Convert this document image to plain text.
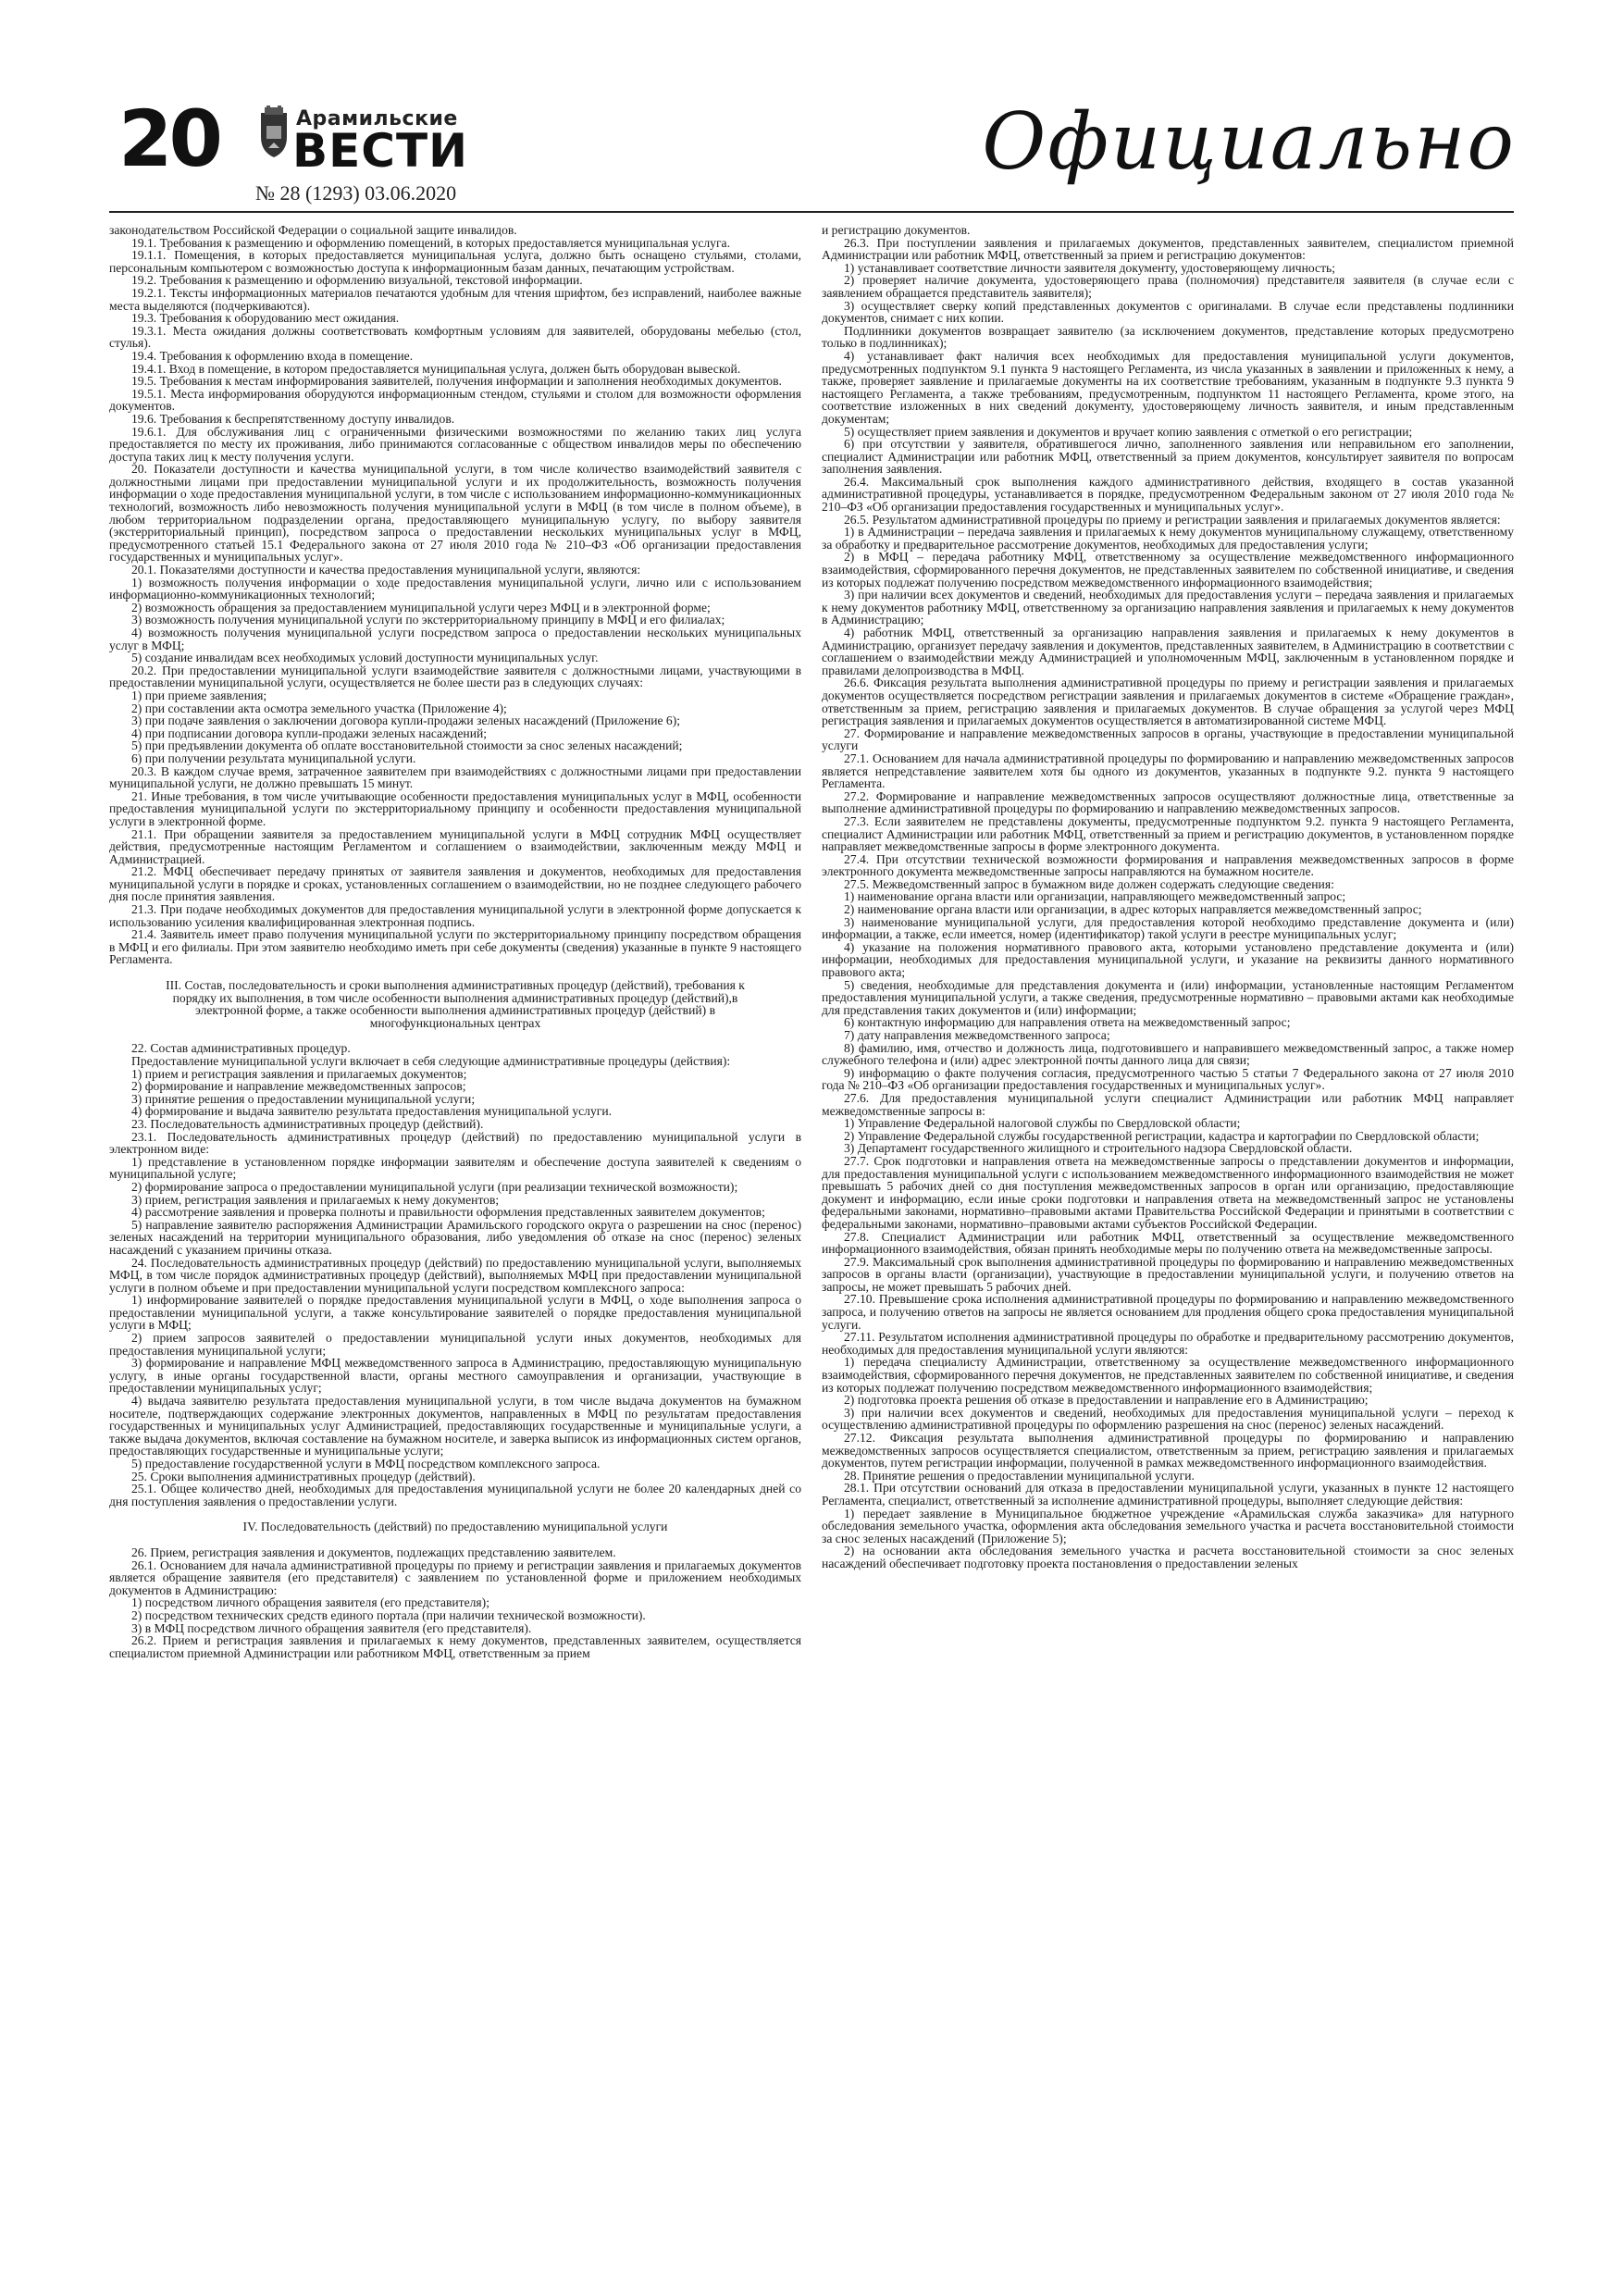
20	Арамильские
ВЕСТИ
№ 28 (1293) 03.06.2020
Официально

законодательством Российской Федерации о социальной защите инвалидов.

19.1. Требования к размещению и оформлению помещений, в которых предоставляется муниципальная услуга.

19.1.1. Помещения, в которых предоставляется муниципальная услуга, должно быть оснащено стульями, столами, персональным компьютером с возможностью доступа к информационным базам данных, печатающим устройствам.

19.2. Требования к размещению и оформлению визуальной, текстовой информации.

19.2.1. Тексты информационных материалов печатаются удобным для чтения шрифтом, без исправлений, наиболее важные места выделяются (подчеркиваются).

19.3. Требования к оборудованию мест ожидания.

19.3.1. Места ожидания должны соответствовать комфортным условиям для заявителей, оборудованы мебелью (стол, стулья).

19.4. Требования к оформлению входа в помещение.

19.4.1. Вход в помещение, в котором предоставляется муниципальная услуга, должен быть оборудован вывеской.

19.5. Требования к местам информирования заявителей, получения информации и заполнения необходимых документов.

19.5.1. Места информирования оборудуются информационным стендом, стульями и столом для возможности оформления документов.

19.6. Требования к беспрепятственному доступу инвалидов.

19.6.1. Для обслуживания лиц с ограниченными физическими возможностями по желанию таких лиц услуга предоставляется по месту их проживания, либо принимаются согласованные с обществом инвалидов меры по обеспечению доступа таких лиц к месту получения услуги.

20. Показатели доступности и качества муниципальной услуги, в том числе количество взаимодействий заявителя с должностными лицами при предоставлении муниципальной услуги и их продолжительность, возможность получения информации о ходе предоставления муниципальной услуги, в том числе с использованием информационно-коммуникационных технологий, возможность либо невозможность получения муниципальной услуги в МФЦ (в том числе в полном объеме), в любом территориальном подразделении органа, предоставляющего муниципальную услугу, по выбору заявителя (экстерриториальный принцип), посредством запроса о предоставлении нескольких муниципальных услуг в МФЦ, предусмотренного статьей 15.1 Федерального закона от 27 июля 2010 года № 210–ФЗ «Об организации предоставления государственных и муниципальных услуг».

20.1. Показателями доступности и качества предоставления муниципальной услуги, являются:

1) возможность получения информации о ходе предоставления муниципальной услуги, лично или с использованием информационно-коммуникационных технологий;

2) возможность обращения за предоставлением муниципальной услуги через МФЦ и в электронной форме;

3) возможность получения муниципальной услуги по экстерриториальному принципу в МФЦ и его филиалах;

4) возможность получения муниципальной услуги посредством запроса о предоставлении нескольких муниципальных услуг в МФЦ;

5) создание инвалидам всех необходимых условий доступности муниципальных услуг.

20.2. При предоставлении муниципальной услуги взаимодействие заявителя с должностными лицами, участвующими в предоставлении муниципальной услуги, осуществляется не более шести раз в следующих случаях:

1) при приеме заявления;

2) при составлении акта осмотра земельного участка (Приложение 4);

3) при подаче заявления о заключении договора купли-продажи зеленых насаждений (Приложение 6);

4) при подписании договора купли-продажи зеленых насаждений;

5) при предъявлении документа об оплате восстановительной стоимости за снос зеленых насаждений;

6) при получении результата муниципальной услуги.

20.3. В каждом случае время, затраченное заявителем при взаимодействиях с должностными лицами при предоставлении муниципальной услуги, не должно превышать 15 минут.

21. Иные требования, в том числе учитывающие особенности предоставления муниципальных услуг в МФЦ, особенности предоставления муниципальной услуги по экстерриториальному принципу и особенности предоставления муниципальной услуги в электронной форме.

21.1. При обращении заявителя за предоставлением муниципальной услуги в МФЦ сотрудник МФЦ осуществляет действия, предусмотренные настоящим Регламентом и соглашением о взаимодействии, заключенным между МФЦ и Администрацией.

21.2. МФЦ обеспечивает передачу принятых от заявителя заявления и документов, необходимых для предоставления муниципальной услуги в порядке и сроках, установленных соглашением о взаимодействии, но не позднее следующего рабочего дня после принятия заявления.

21.3. При подаче необходимых документов для предоставления муниципальной услуги в электронной форме допускается к использованию усиления квалифицированная электронная подпись.

21.4. Заявитель имеет право получения муниципальной услуги по экстерриториальному принципу посредством обращения в МФЦ и его филиалы. При этом заявителю необходимо иметь при себе документы (сведения) указанные в пункте 9 настоящего Регламента.

III. Состав, последовательность и сроки выполнения административных процедур (действий), требования к порядку их выполнения, в том числе особенности выполнения административных процедур (действий),в электронной форме, а также особенности выполнения административных процедур (действий) в многофункциональных центрах

22. Состав административных процедур.

Предоставление муниципальной услуги включает в себя следующие административные процедуры (действия):

1) прием и регистрация заявления и прилагаемых документов;

2) формирование и направление межведомственных запросов;

3) принятие решения о предоставлении муниципальной услуги;

4) формирование и выдача заявителю результата предоставления муниципальной услуги.

23. Последовательность административных процедур (действий).

23.1. Последовательность административных процедур (действий) по предоставлению муниципальной услуги в электронном виде:

1) представление в установленном порядке информации заявителям и обеспечение доступа заявителей к сведениям о муниципальной услуге;

2) формирование запроса о предоставлении муниципальной услуги (при реализации технической возможности);

3) прием, регистрация заявления и прилагаемых к нему документов;

4) рассмотрение заявления и проверка полноты и правильности оформления представленных заявителем документов;

5) направление заявителю распоряжения Администрации Арамильского городского округа о разрешении на снос (перенос) зеленых насаждений на территории муниципального образования, либо уведомления об отказе на снос (перенос) зеленых насаждений с указанием причины отказа.

24. Последовательность административных процедур (действий) по предоставлению муниципальной услуги, выполняемых МФЦ, в том числе порядок административных процедур (действий), выполняемых МФЦ при предоставлении муниципальной услуги в полном объеме и при предоставлении муниципальной услуги посредством комплексного запроса:

1) информирование заявителей о порядке предоставления муниципальной услуги в МФЦ, о ходе выполнения запроса о предоставлении муниципальной услуги, а также консультирование заявителей о порядке предоставления муниципальной услуги в МФЦ;

2) прием запросов заявителей о предоставлении муниципальной услуги иных документов, необходимых для предоставления муниципальной услуги;

3) формирование и направление МФЦ межведомственного запроса в Администрацию, предоставляющую муниципальную услугу, в иные органы государственной власти, органы местного самоуправления и организации, участвующие в предоставлении муниципальных услуг;

4) выдача заявителю результата предоставления муниципальной услуги, в том числе выдача документов на бумажном носителе, подтверждающих содержание электронных документов, направленных в МФЦ по результатам предоставления государственных и муниципальных услуг Администрацией, предоставляющих государственные и муниципальные услуги, а также выдача документов, включая составление на бумажном носителе, и заверка выписок из информационных систем органов, предоставляющих государственные и муниципальные услуги;

5) предоставление государственной услуги в МФЦ посредством комплексного запроса.

25. Сроки выполнения административных процедур (действий).

25.1. Общее количество дней, необходимых для предоставления муниципальной услуги не более 20 календарных дней со дня поступления заявления о предоставлении услуги.

IV. Последовательность (действий) по предоставлению муниципальной услуги

26. Прием, регистрация заявления и документов, подлежащих представлению заявителем.

26.1. Основанием для начала административной процедуры по приему и регистрации заявления и прилагаемых документов является обращение заявителя (его представителя) с заявлением по установленной форме и приложением необходимых документов в Администрацию:

1) посредством личного обращения заявителя (его представителя);

2) посредством технических средств единого портала (при наличии технической возможности).

3) в МФЦ посредством личного обращения заявителя (его представителя).

26.2. Прием и регистрация заявления и прилагаемых к нему документов, представленных заявителем, осуществляется специалистом приемной Администрации или работником МФЦ, ответственным за прием

и регистрацию документов.

26.3. При поступлении заявления и прилагаемых документов, представленных заявителем, специалистом приемной Администрации или работник МФЦ, ответственный за прием и регистрацию документов:

1) устанавливает соответствие личности заявителя документу, удостоверяющему личность;

2) проверяет наличие документа, удостоверяющего права (полномочия) представителя заявителя (в случае если с заявлением обращается представитель заявителя);

3) осуществляет сверку копий представленных документов с оригиналами. В случае если представлены подлинники документов, снимает с них копии.

Подлинники документов возвращает заявителю (за исключением документов, представление которых предусмотрено только в подлинниках);

4) устанавливает факт наличия всех необходимых для предоставления муниципальной услуги документов, предусмотренных подпунктом 9.1 пункта 9 настоящего Регламента, из числа указанных в заявлении и приложенных к нему, а также, проверяет заявление и прилагаемые документы на их соответствие требованиям, указанным в подпункте 9.3 пункта 9 настоящего Регламента, а также требованиям, предусмотренным, подпунктом 11 настоящего Регламента, кроме этого, на соответствие изложенных в них сведений документу, удостоверяющему личность заявителя, и иным представленным документам;

5) осуществляет прием заявления и документов и вручает копию заявления с отметкой о его регистрации;

6) при отсутствии у заявителя, обратившегося лично, заполненного заявления или неправильном его заполнении, специалист Администрации или работник МФЦ, ответственный за прием документов, консультирует заявителя по вопросам заполнения заявления.

26.4. Максимальный срок выполнения каждого административного действия, входящего в состав указанной административной процедуры, устанавливается в порядке, предусмотренном Федеральным законом от 27 июля 2010 года № 210–ФЗ «Об организации предоставления государственных и муниципальных услуг».

26.5. Результатом административной процедуры по приему и регистрации заявления и прилагаемых документов является:

1) в Администрации – передача заявления и прилагаемых к нему документов муниципальному служащему, ответственному за обработку и предварительное рассмотрение документов, необходимых для предоставления услуги;

2) в МФЦ – передача работнику МФЦ, ответственному за осуществление межведомственного информационного взаимодействия, сформированного перечня документов, не представленных заявителем по собственной инициативе, и сведения из которых подлежат получению посредством межведомственного информационного взаимодействия;

3) при наличии всех документов и сведений, необходимых для предоставления услуги – передача заявления и прилагаемых к нему документов работнику МФЦ, ответственному за организацию направления заявления и прилагаемых к нему документов в Администрацию;

4) работник МФЦ, ответственный за организацию направления заявления и прилагаемых к нему документов в Администрацию, организует передачу заявления и документов, представленных заявителем, в Администрацию в соответствии с соглашением о взаимодействии между Администрацией и уполномоченным МФЦ, заключенным в установленном порядке и правилами делопроизводства в МФЦ.

26.6. Фиксация результата выполнения административной процедуры по приему и регистрации заявления и прилагаемых документов осуществляется посредством регистрации заявления и прилагаемых документов в системе «Обращение граждан», ответственным за прием, регистрацию заявления и прилагаемых документов. В случае обращения за услугой через МФЦ регистрация заявления и прилагаемых документов осуществляется в автоматизированной системе МФЦ.

27. Формирование и направление межведомственных запросов в органы, участвующие в предоставлении муниципальной услуги

27.1. Основанием для начала административной процедуры по формированию и направлению межведомственных запросов является непредставление заявителем хотя бы одного из документов, указанных в подпункте 9.2. пункта 9 настоящего Регламента.

27.2. Формирование и направление межведомственных запросов осуществляют должностные лица, ответственные за выполнение административной процедуры по формированию и направлению межведомственных запросов.

27.3. Если заявителем не представлены документы, предусмотренные подпунктом 9.2. пункта 9 настоящего Регламента, специалист Администрации или работник МФЦ, ответственный за прием и регистрацию документов, в установленном порядке направляет межведомственные запросы в форме электронного документа.

27.4. При отсутствии технической возможности формирования и направления межведомственных запросов в форме электронного документа межведомственные запросы направляются на бумажном носителе.

27.5. Межведомственный запрос в бумажном виде должен содержать следующие сведения:

1) наименование органа власти или организации, направляющего межведомственный запрос;

2) наименование органа власти или организации, в адрес которых направляется межведомственный запрос;

3) наименование муниципальной услуги, для предоставления которой необходимо представление документа и (или) информации, а также, если имеется, номер (идентификатор) такой услуги в реестре муниципальных услуг;

4) указание на положения нормативного правового акта, которыми установлено представление документа и (или) информации, необходимых для предоставления муниципальной услуги, и указание на реквизиты данного нормативного правового акта;

5) сведения, необходимые для представления документа и (или) информации, установленные настоящим Регламентом предоставления муниципальной услуги, а также сведения, предусмотренные нормативно – правовыми актами как необходимые для представления таких документов и (или) информации;

6) контактную информацию для направления ответа на межведомственный запрос;

7) дату направления межведомственного запроса;

8) фамилию, имя, отчество и должность лица, подготовившего и направившего межведомственный запрос, а также номер служебного телефона и (или) адрес электронной почты данного лица для связи;

9) информацию о факте получения согласия, предусмотренного частью 5 статьи 7 Федерального закона от 27 июля 2010 года № 210–ФЗ «Об организации предоставления государственных и муниципальных услуг».

27.6. Для предоставления муниципальной услуги специалист Администрации или работник МФЦ направляет межведомственные запросы в:

1) Управление Федеральной налоговой службы по Свердловской области;

2) Управление Федеральной службы государственной регистрации, кадастра и картографии по Свердловской области;

3) Департамент государственного жилищного и строительного надзора Свердловской области.

27.7. Срок подготовки и направления ответа на межведомственные запросы о представлении документов и информации, для предоставления муниципальной услуги с использованием межведомственного информационного взаимодействия не может превышать 5 рабочих дней со дня поступления межведомственных запросов в орган или организацию, предоставляющие документ и информацию, если иные сроки подготовки и направления ответа на межведомственный запрос не установлены федеральными законами, нормативно–правовыми актами Правительства Российской Федерации и принятыми в соответствии с федеральными законами, нормативно–правовыми актами субъектов Российской Федерации.

27.8. Специалист Администрации или работник МФЦ, ответственный за осуществление межведомственного информационного взаимодействия, обязан принять необходимые меры по получению ответа на межведомственные запросы.

27.9. Максимальный срок выполнения административной процедуры по формированию и направлению межведомственных запросов в органы власти (организации), участвующие в предоставлении муниципальной услуги, и получению ответов на запросы, не может превышать 5 рабочих дней.

27.10. Превышение срока исполнения административной процедуры по формированию и направлению межведомственного запроса, и получению ответов на запросы не является основанием для продления общего срока предоставления муниципальной услуги.

27.11. Результатом исполнения административной процедуры по обработке и предварительному рассмотрению документов, необходимых для предоставления муниципальной услуги являются:

1) передача специалисту Администрации, ответственному за осуществление межведомственного информационного взаимодействия, сформированного перечня документов, не представленных заявителем по собственной инициативе, и сведения из которых подлежат получению посредством межведомственного информационного взаимодействия;

2) подготовка проекта решения об отказе в предоставлении и направление его в Администрацию;

3) при наличии всех документов и сведений, необходимых для предоставления муниципальной услуги – переход к осуществлению административной процедуры по оформлению разрешения на снос (перенос) зеленых насаждений.

27.12. Фиксация результата выполнения административной процедуры по формированию и направлению межведомственных запросов осуществляется специалистом, ответственным за прием, регистрацию заявления и прилагаемых документов, путем регистрации информации, полученной в рамках межведомственного информационного взаимодействия.

28. Принятие решения о предоставлении муниципальной услуги.

28.1. При отсутствии оснований для отказа в предоставлении муниципальной услуги, указанных в пункте 12 настоящего Регламента, специалист, ответственный за исполнение административной процедуры, выполняет следующие действия:

1) передает заявление в Муниципальное бюджетное учреждение «Арамильская служба заказчика» для натурного обследования земельного участка, оформления акта обследования земельного участка и расчета восстановительной стоимости за снос зеленых насаждений (Приложение 5);

2) на основании акта обследования земельного участка и расчета восстановительной стоимости за снос зеленых насаждений обеспечивает подготовку проекта постановления о предоставлении зеленых
